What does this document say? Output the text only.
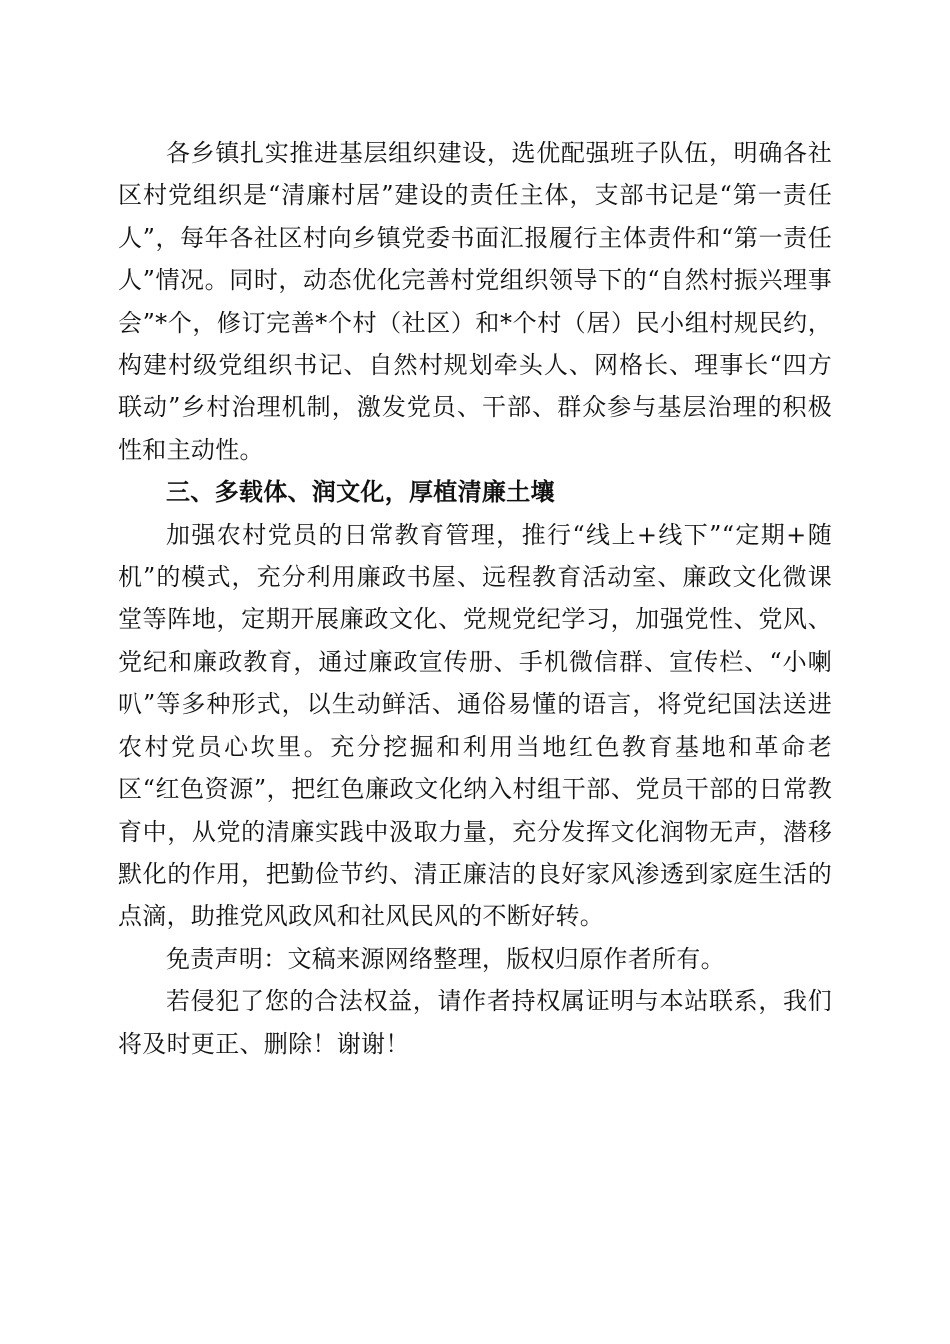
各乡镇扎实推进基层组织建设，选优配强班子队伍，明确各社区村党组织是“清廉村居”建设的责任主体，支部书记是“第一责任人”，每年各社区村向乡镇党委书面汇报履行主体责件和“第一责任人”情况。同时，动态优化完善村党组织领导下的“自然村振兴理事会”*个，修订完善*个村（社区）和*个村（居）民小组村规民约，构建村级党组织书记、自然村规划牵头人、网格长、理事长“四方联动”乡村治理机制，激发党员、干部、群众参与基层治理的积极性和主动性。

三、多载体、润文化，厚植清廉土壤

加强农村党员的日常教育管理，推行“线上+线下”“定期+随机”的模式，充分利用廉政书屋、远程教育活动室、廉政文化微课堂等阵地，定期开展廉政文化、党规党纪学习，加强党性、党风、党纪和廉政教育，通过廉政宣传册、手机微信群、宣传栏、“小喇叭”等多种形式，以生动鲜活、通俗易懂的语言，将党纪国法送进农村党员心坎里。充分挖掘和利用当地红色教育基地和革命老区“红色资源”，把红色廉政文化纳入村组干部、党员干部的日常教育中，从党的清廉实践中汲取力量，充分发挥文化润物无声，潜移默化的作用，把勤俭节约、清正廉洁的良好家风渗透到家庭生活的点滴，助推党风政风和社风民风的不断好转。

免责声明：文稿来源网络整理，版权归原作者所有。

若侵犯了您的合法权益，请作者持权属证明与本站联系，我们将及时更正、删除！谢谢！
